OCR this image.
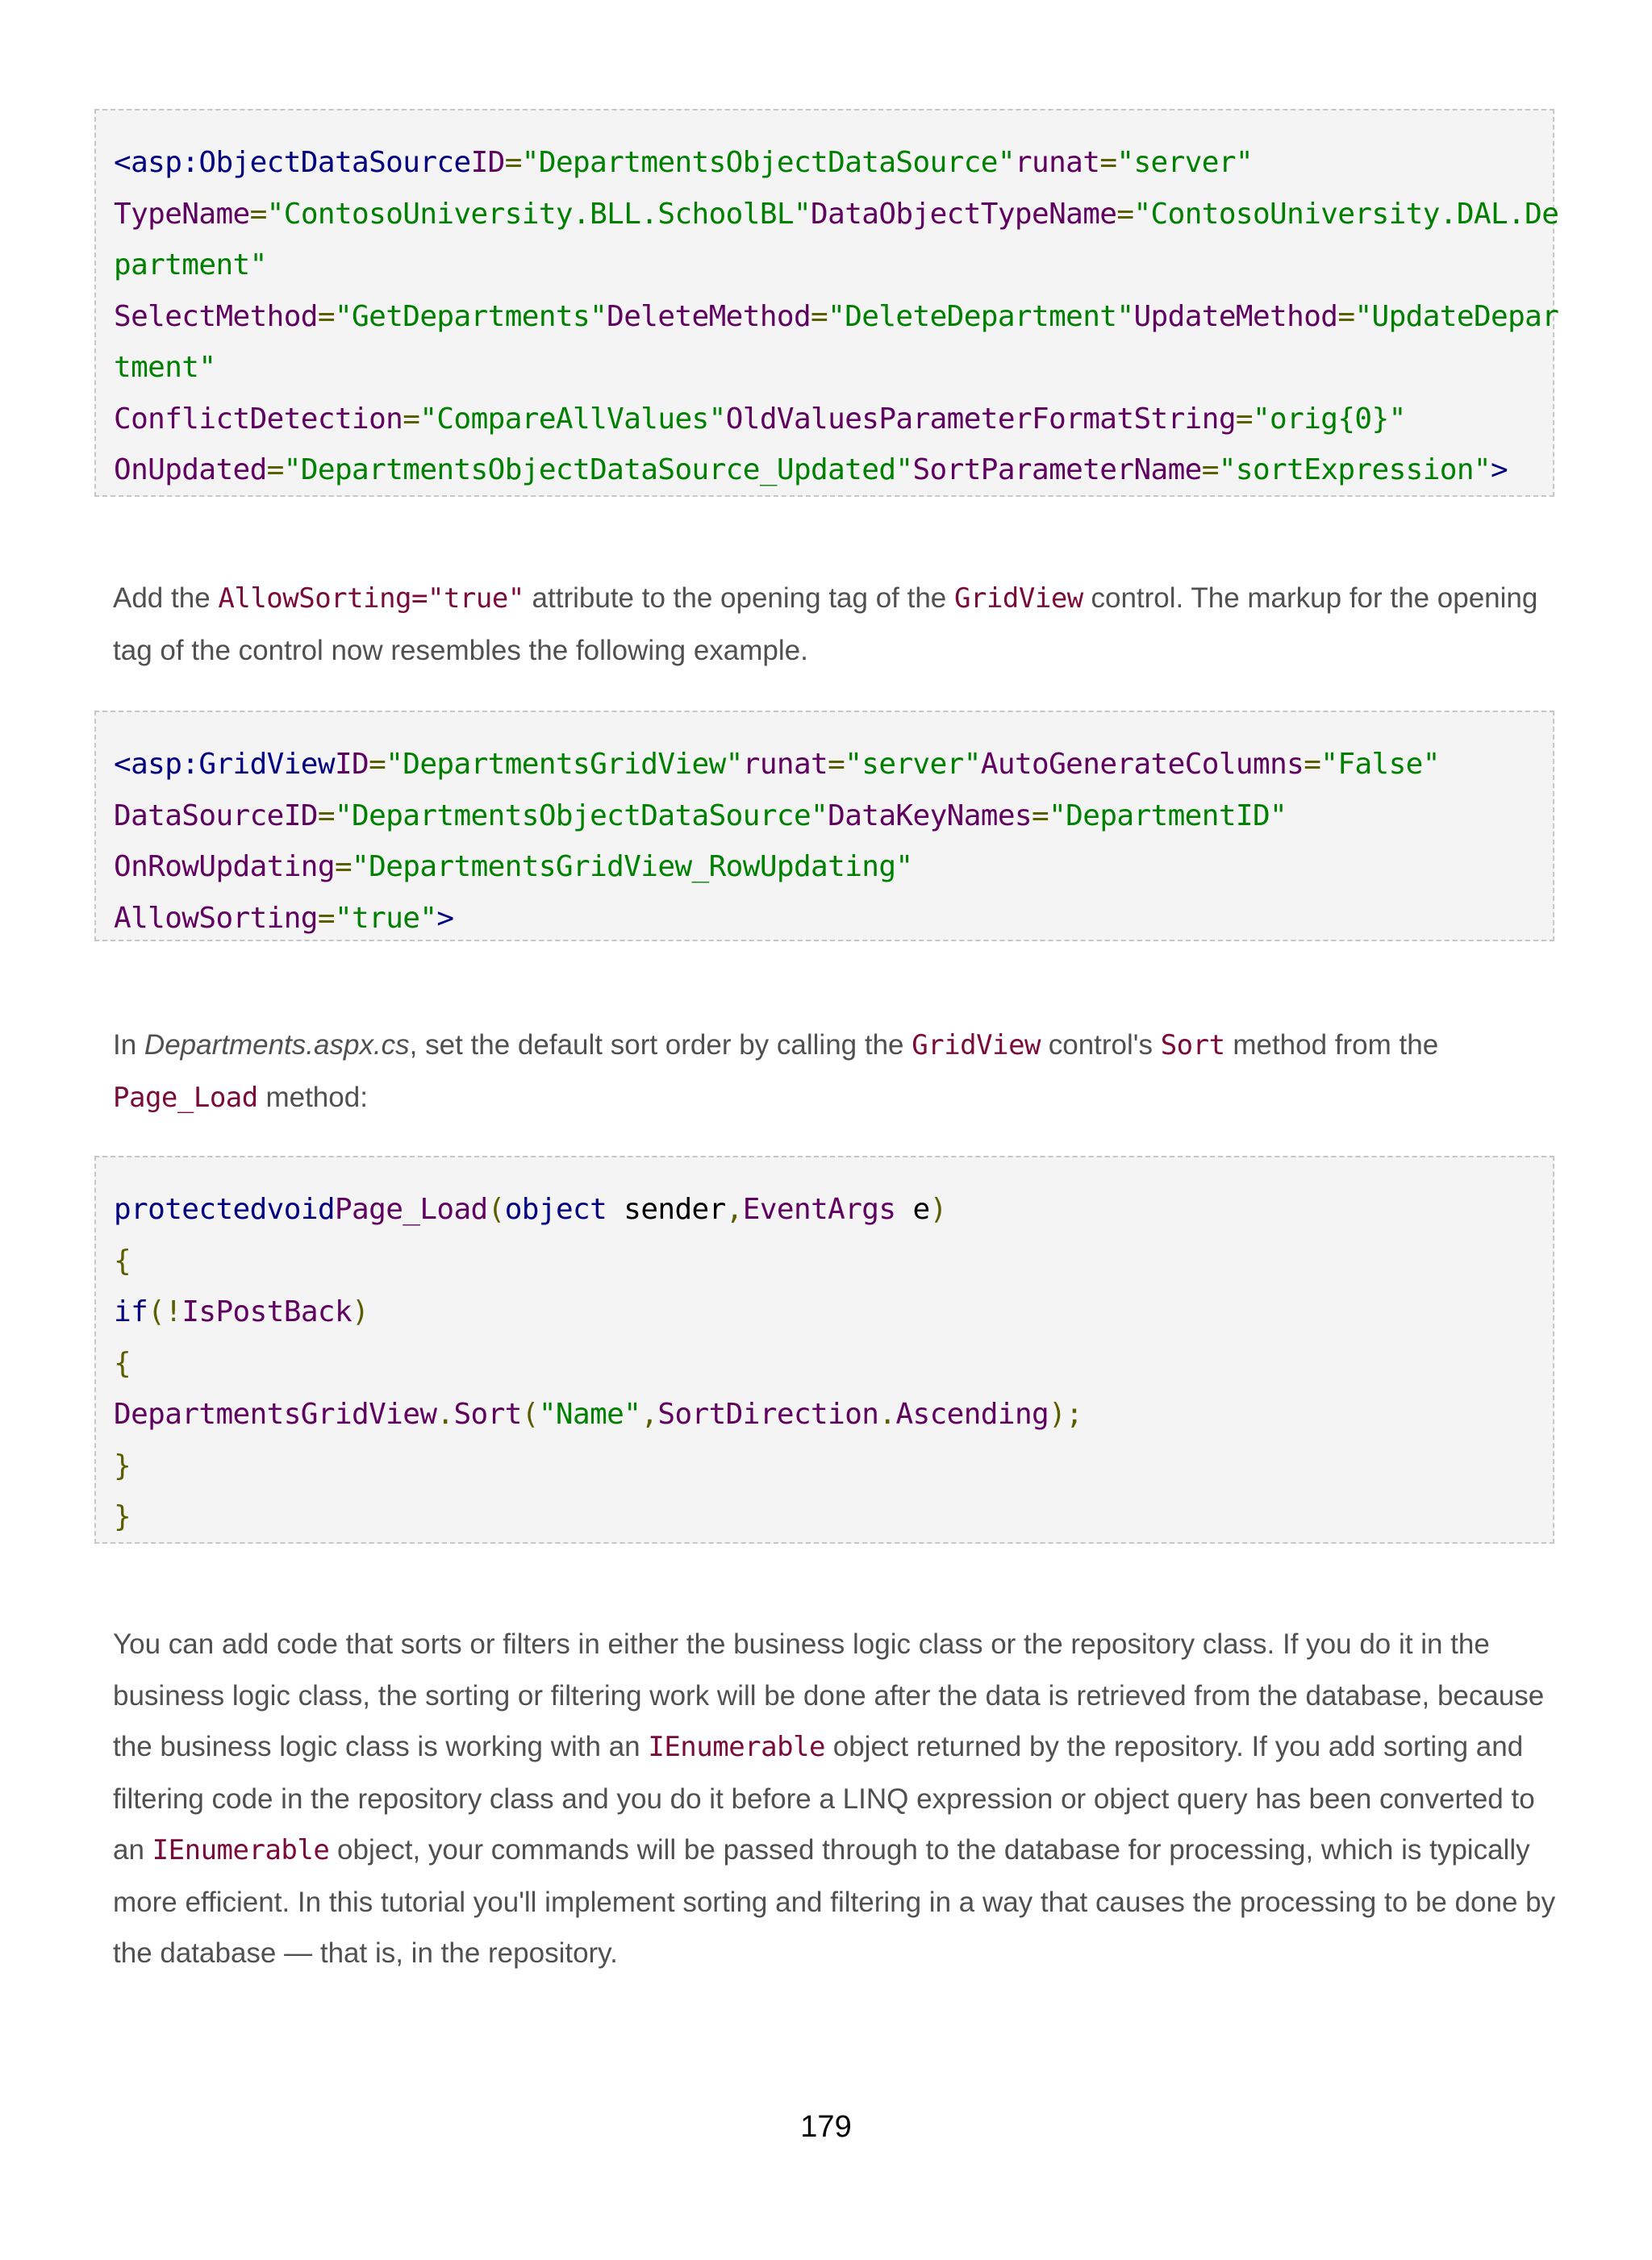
<asp:ObjectDataSourceID="DepartmentsObjectDataSource"runat="server"
TypeName="ContosoUniversity.BLL.SchoolBL"DataObjectTypeName="ContosoUniversity.DAL.De
partment"
SelectMethod="GetDepartments"DeleteMethod="DeleteDepartment"UpdateMethod="UpdateDepar
tment"
ConflictDetection="CompareAllValues"OldValuesParameterFormatString="orig{0}"
OnUpdated="DepartmentsObjectDataSource_Updated"SortParameterName="sortExpression">

Add the AllowSorting="true" attribute to the opening tag of the GridView control. The markup for the opening tag of the control now resembles the following example.

<asp:GridViewID="DepartmentsGridView"runat="server"AutoGenerateColumns="False"
DataSourceID="DepartmentsObjectDataSource"DataKeyNames="DepartmentID"
OnRowUpdating="DepartmentsGridView_RowUpdating"
AllowSorting="true">

In Departments.aspx.cs, set the default sort order by calling the GridView control's Sort method from the Page_Load method:

protectedvoidPage_Load(object sender,EventArgs e)
{
if(!IsPostBack)
{
DepartmentsGridView.Sort("Name",SortDirection.Ascending);
}
}

You can add code that sorts or filters in either the business logic class or the repository class. If you do it in the business logic class, the sorting or filtering work will be done after the data is retrieved from the database, because the business logic class is working with an IEnumerable object returned by the repository. If you add sorting and filtering code in the repository class and you do it before a LINQ expression or object query has been converted to an IEnumerable object, your commands will be passed through to the database for processing, which is typically more efficient. In this tutorial you'll implement sorting and filtering in a way that causes the processing to be done by the database — that is, in the repository.

179
